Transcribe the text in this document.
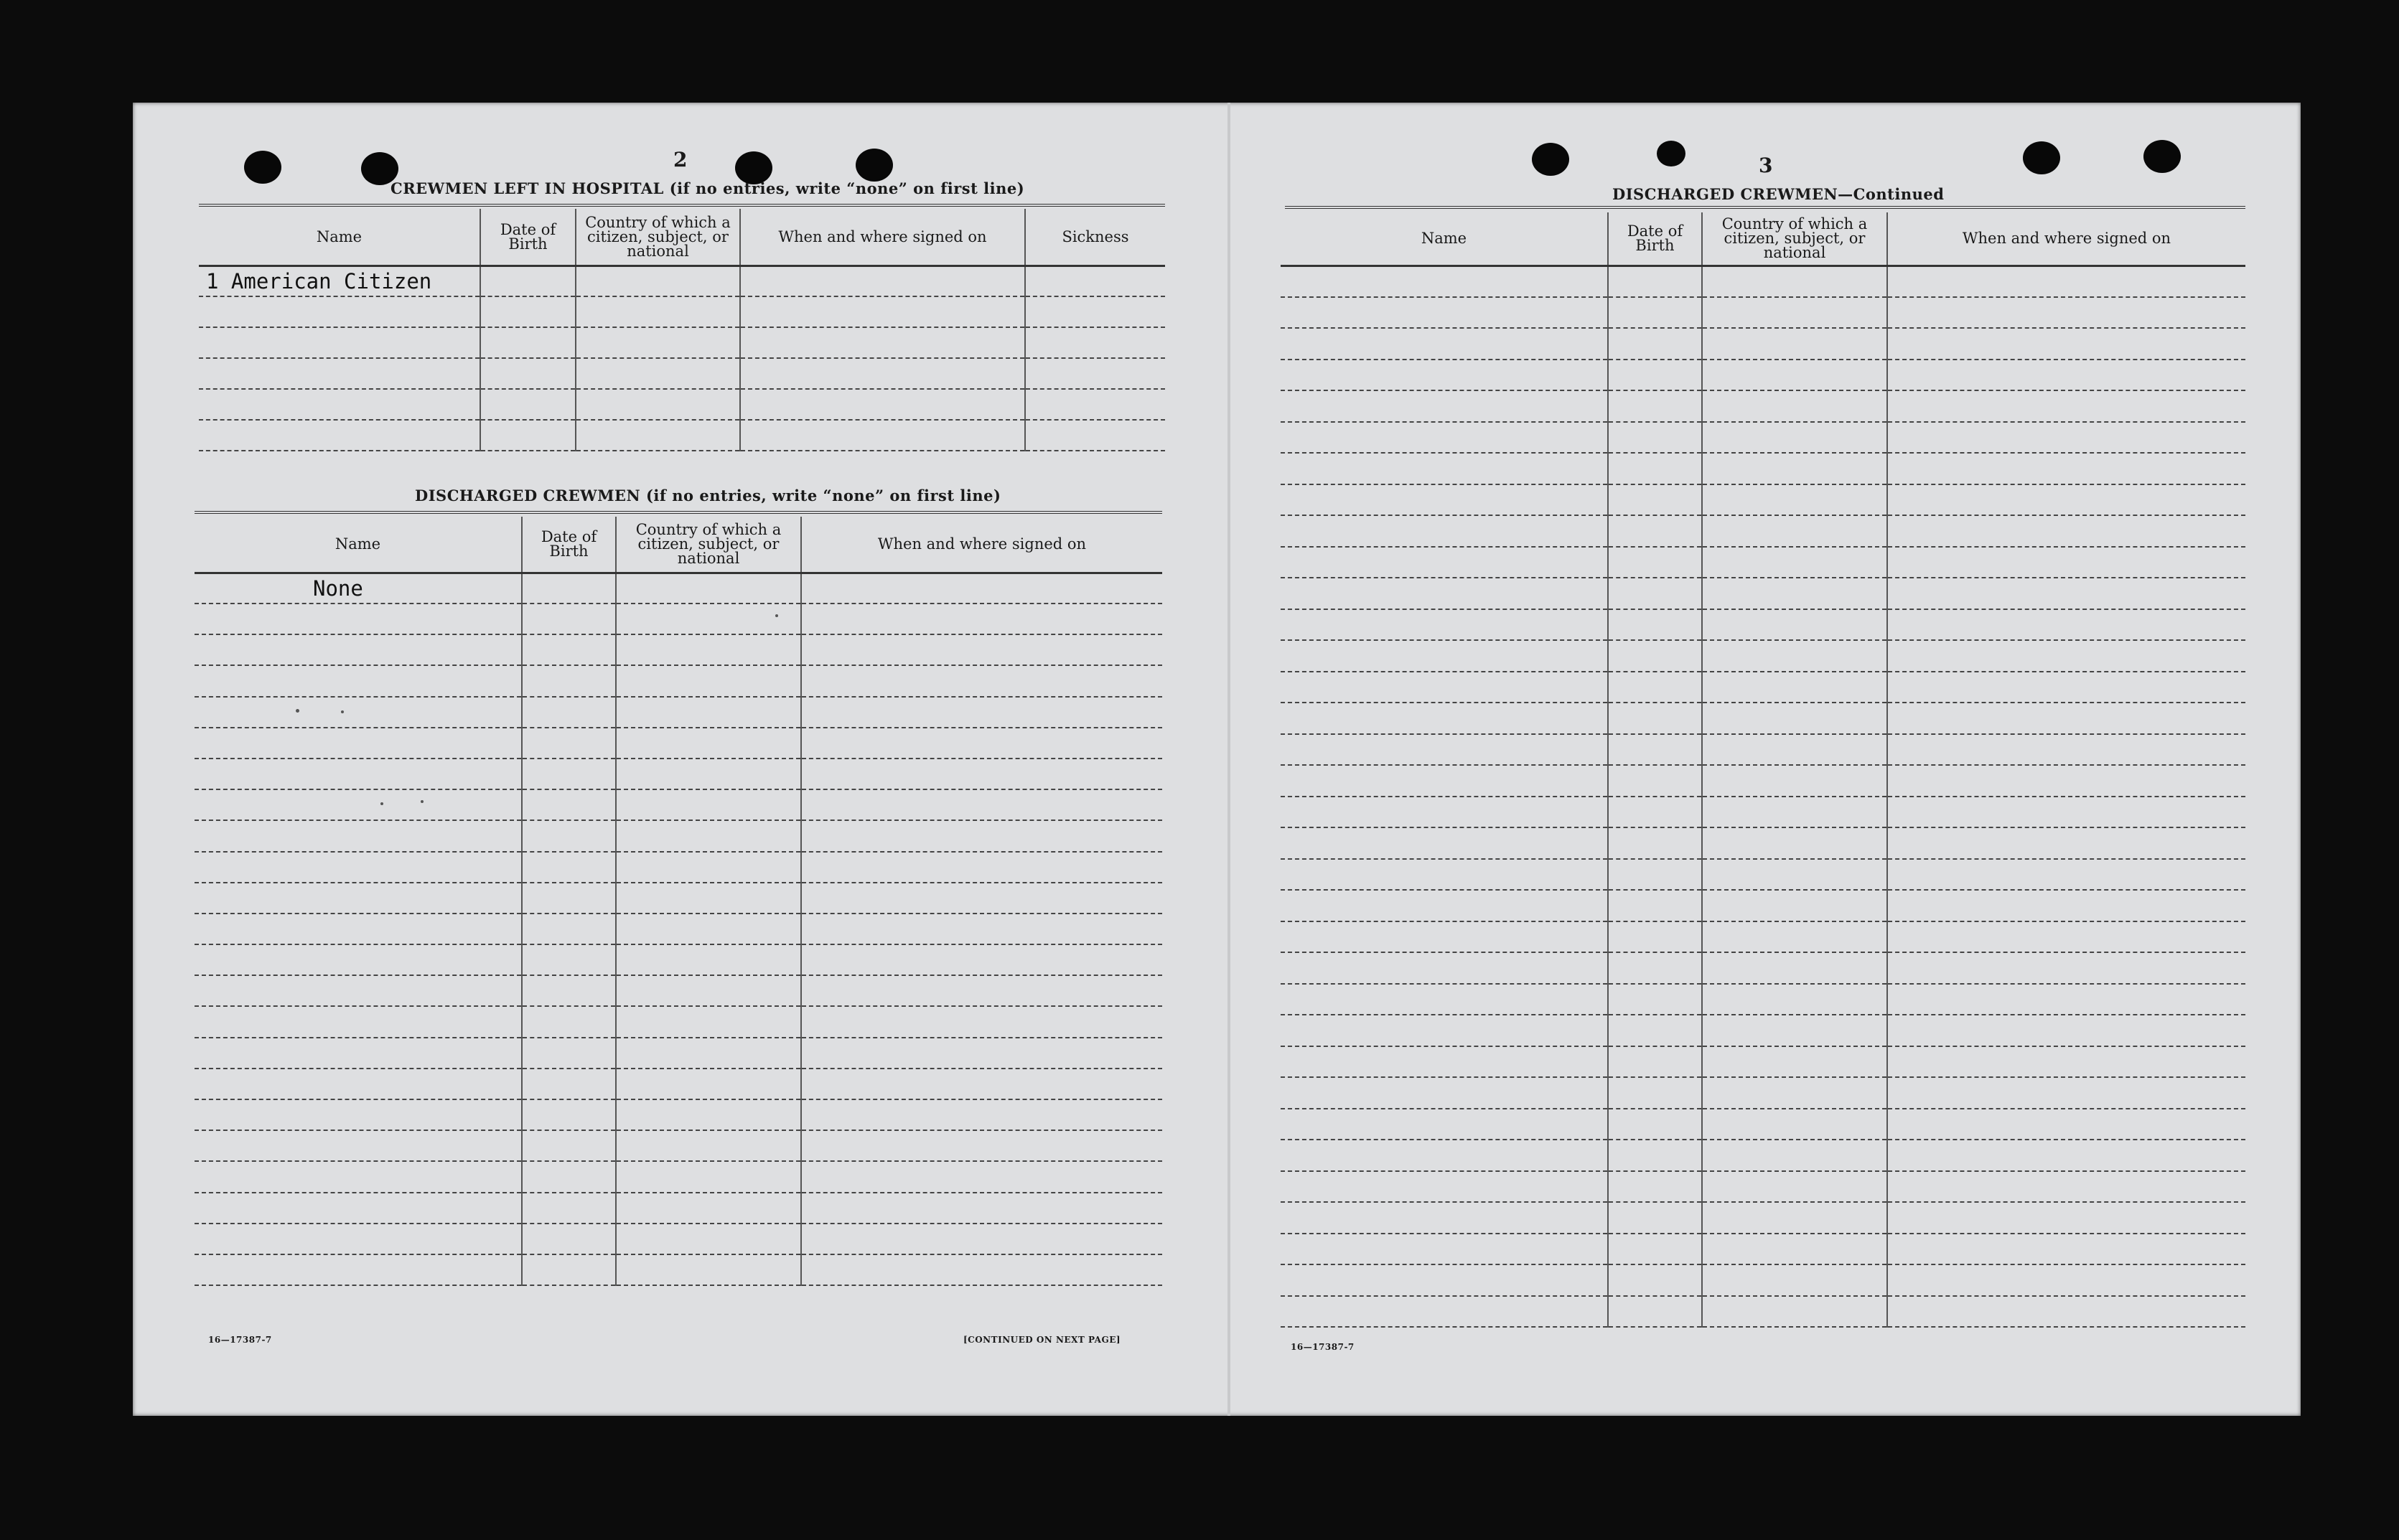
2
CREWMEN LEFT IN HOSPITAL (if no entries, write “none” on first line)
Name	Date of Birth	Country of which a citizen, subject, or national	When and where signed on	Sickness
1 American Citizen				

DISCHARGED CREWMEN (if no entries, write “none” on first line)
Name	Date of Birth	Country of which a citizen, subject, or national	When and where signed on
None			

16—17387-7	[CONTINUED ON NEXT PAGE]
3
DISCHARGED CREWMEN—Continued
Name	Date of Birth	Country of which a citizen, subject, or national	When and where signed on

16—17387-7
